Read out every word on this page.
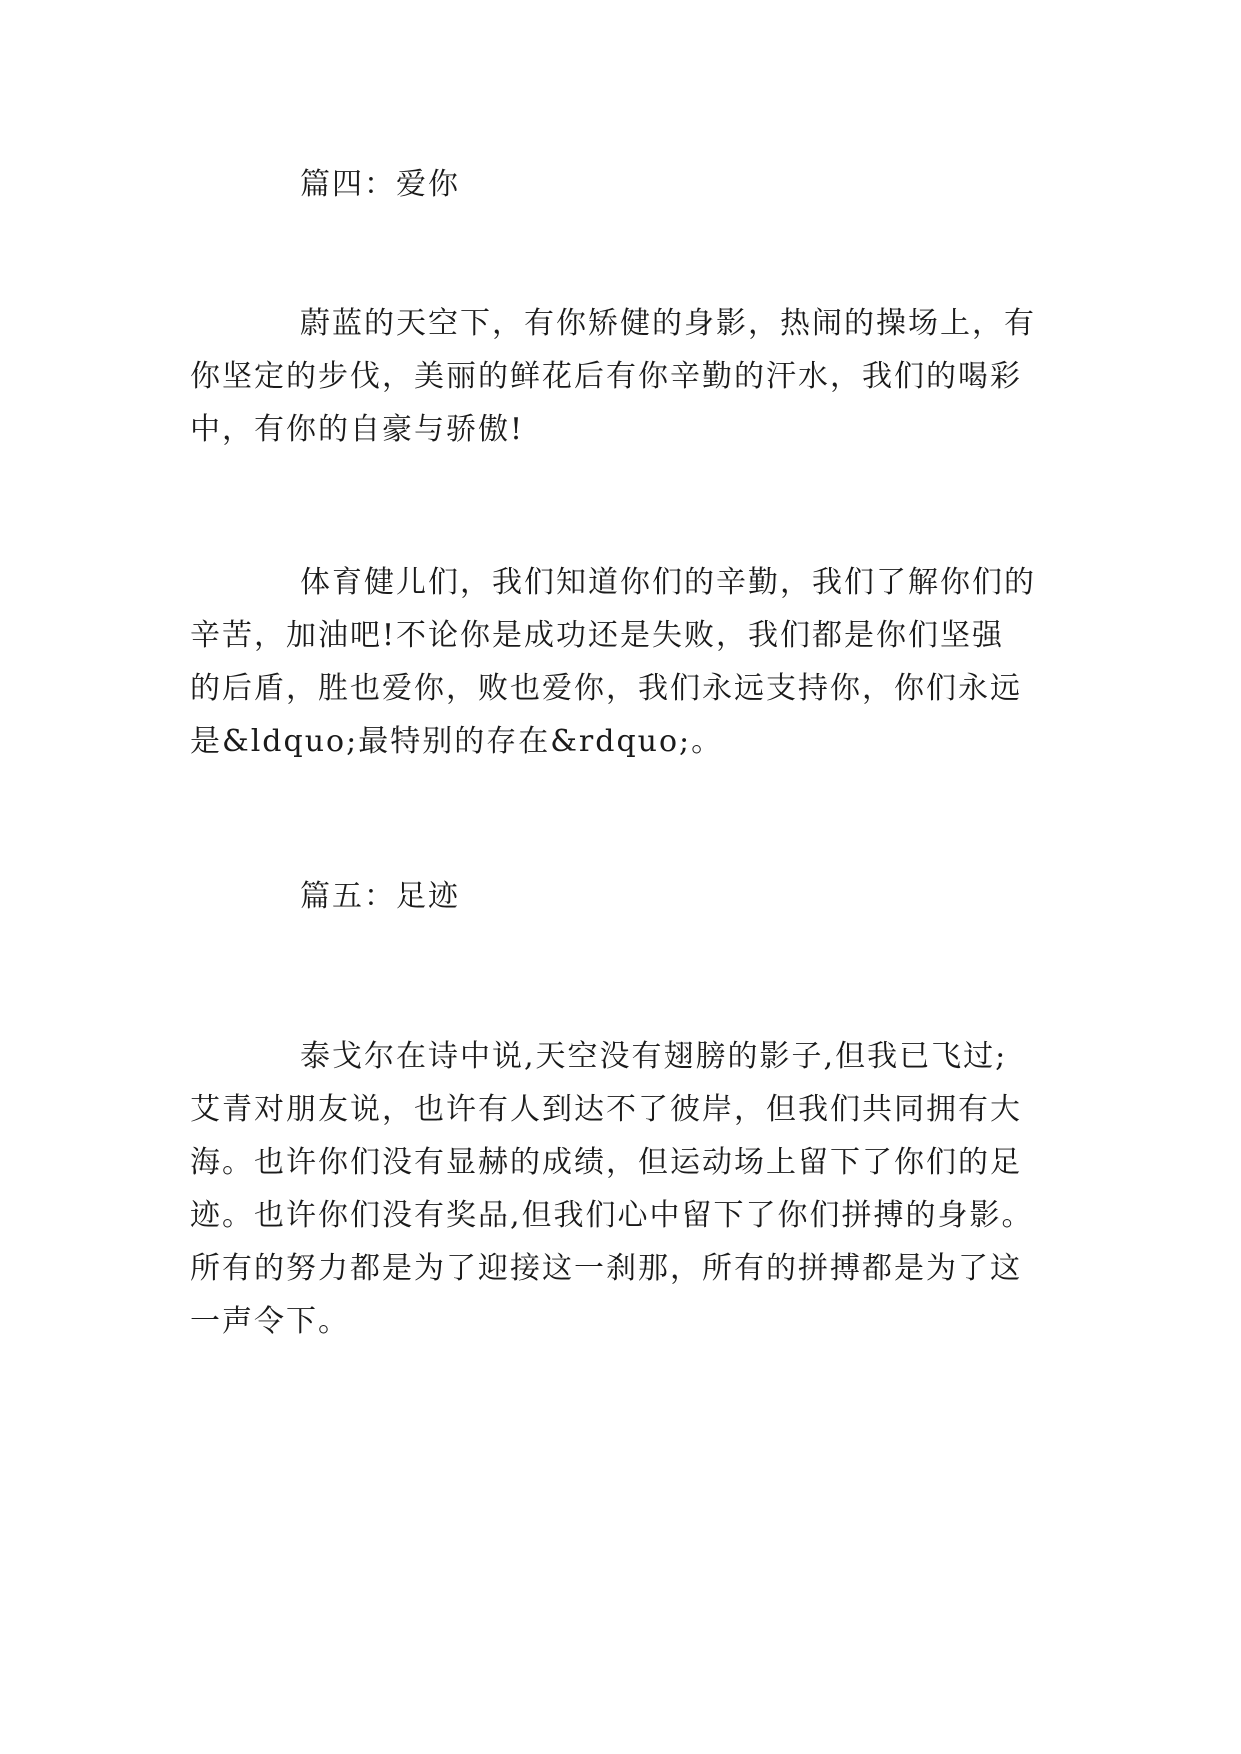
篇四：爱你
蔚蓝的天空下，有你矫健的身影，热闹的操场上，有
你坚定的步伐，美丽的鲜花后有你辛勤的汗水，我们的喝彩
中，有你的自豪与骄傲!
体育健儿们，我们知道你们的辛勤，我们了解你们的
辛苦，加油吧!不论你是成功还是失败，我们都是你们坚强
的后盾，胜也爱你，败也爱你，我们永远支持你，你们永远
是&ldquo;最特别的存在&rdquo;。
篇五：足迹
泰戈尔在诗中说,天空没有翅膀的影子,但我已飞过;
艾青对朋友说，也许有人到达不了彼岸，但我们共同拥有大
海。也许你们没有显赫的成绩，但运动场上留下了你们的足
迹。也许你们没有奖品,但我们心中留下了你们拼搏的身影。
所有的努力都是为了迎接这一刹那，所有的拼搏都是为了这
一声令下。
